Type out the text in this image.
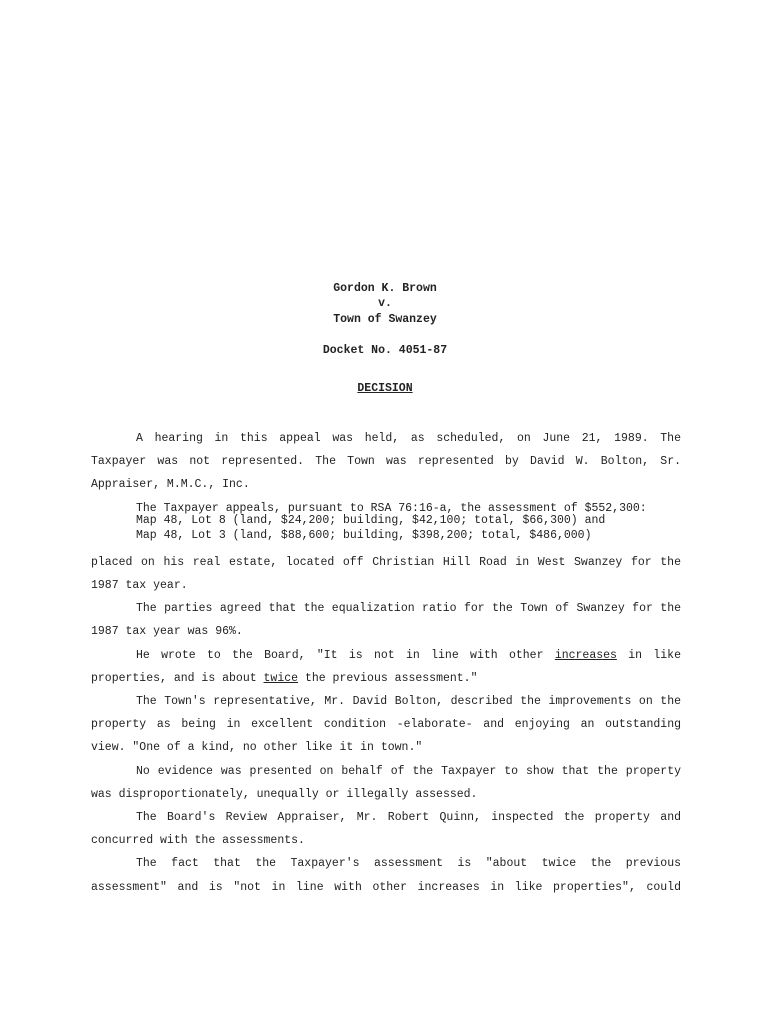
Gordon K. Brown
v.
Town of Swanzey
Docket No. 4051-87
DECISION

A hearing in this appeal was held, as scheduled, on June 21, 1989. The Taxpayer was not represented. The Town was represented by David W. Bolton, Sr. Appraiser, M.M.C., Inc.

The Taxpayer appeals, pursuant to RSA 76:16-a, the assessment of $552,300:

Map 48, Lot 8 (land, $24,200; building, $42,100; total, $66,300) and
Map 48, Lot 3 (land, $88,600; building, $398,200; total, $486,000)

placed on his real estate, located off Christian Hill Road in West Swanzey for the 1987 tax year.

The parties agreed that the equalization ratio for the Town of Swanzey for the 1987 tax year was 96%.

He wrote to the Board, "It is not in line with other increases in like properties, and is about twice the previous assessment."

The Town's representative, Mr. David Bolton, described the improvements on the property as being in excellent condition -elaborate- and enjoying an outstanding view. "One of a kind, no other like it in town."

No evidence was presented on behalf of the Taxpayer to show that the property was disproportionately, unequally or illegally assessed.

The Board's Review Appraiser, Mr. Robert Quinn, inspected the property and concurred with the assessments.

The fact that the Taxpayer's assessment is "about twice the previous assessment" and is "not in line with other increases in like properties", could
